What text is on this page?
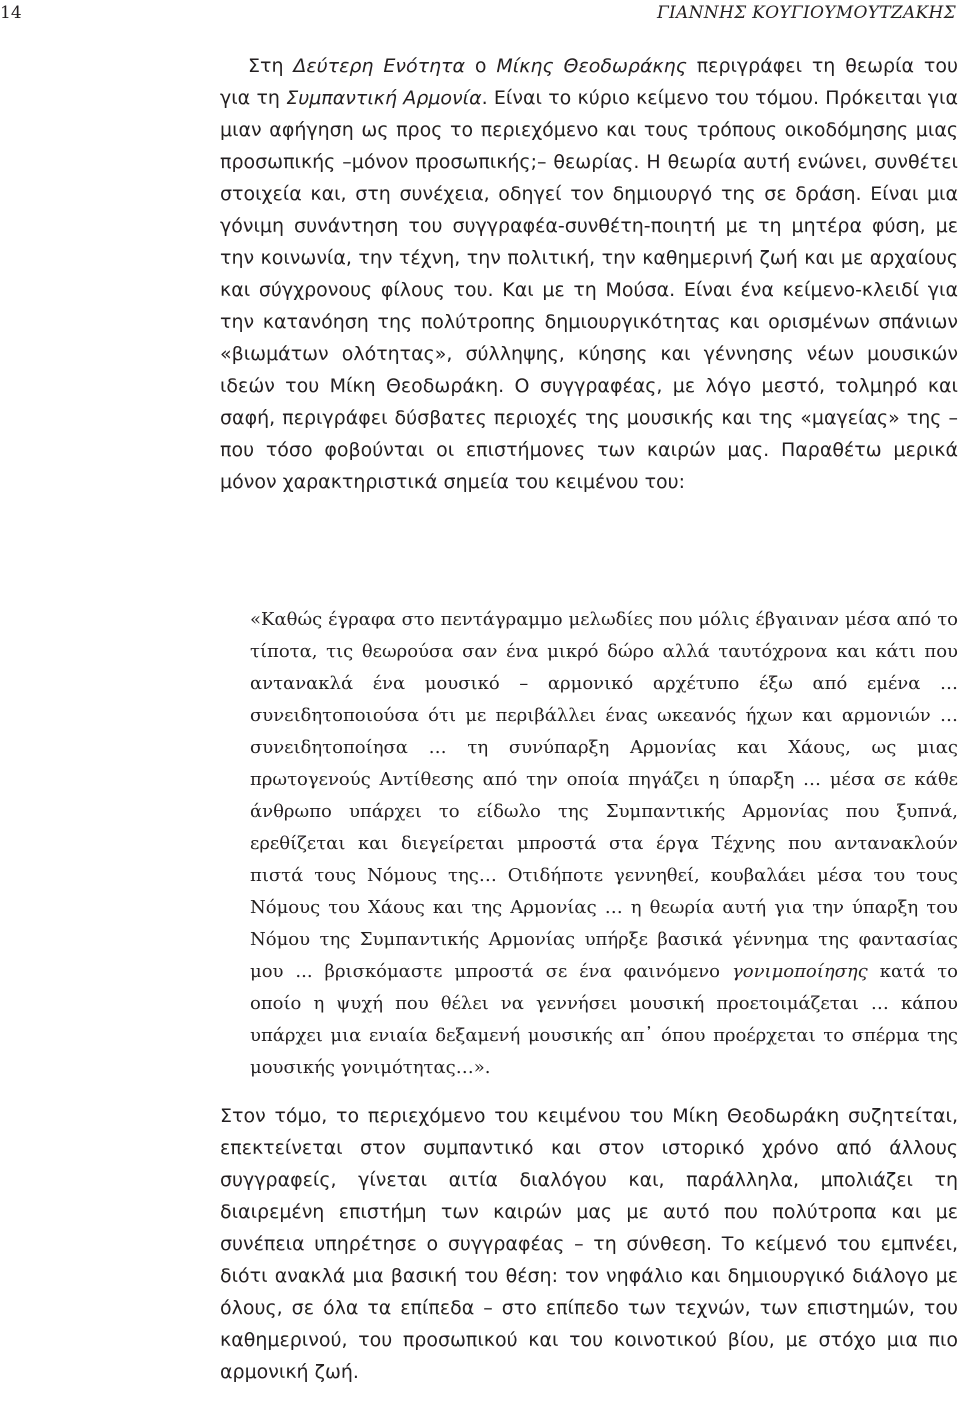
14	ΓΙΑΝΝΗΣ ΚΟΥΓΙΟΥΜΟΥΤΖΑΚΗΣ

Στη Δεύτερη Ενότητα ο Μίκης Θεοδωράκης περιγράφει τη θεωρία του για τη Συμπαντική Αρμονία. Είναι το κύριο κείμενο του τόμου. Πρόκειται για μιαν αφήγηση ως προς το περιεχόμενο και τους τρόπους οικοδόμησης μιας προσωπικής –μόνον προσωπικής;– θεωρίας. Η θεωρία αυτή ενώνει, συνθέτει στοιχεία και, στη συνέχεια, οδηγεί τον δημιουργό της σε δράση. Είναι μια γόνιμη συνάντηση του συγγραφέα-συνθέτη-ποιητή με τη μητέρα φύση, με την κοινωνία, την τέχνη, την πολιτική, την καθημερινή ζωή και με αρχαίους και σύγχρονους φίλους του. Και με τη Μούσα. Είναι ένα κείμενο-κλειδί για την κατανόηση της πολύτροπης δημιουργικότητας και ορισμένων σπάνιων «βιωμάτων ολότητας», σύλληψης, κύησης και γέννησης νέων μουσικών ιδεών του Μίκη Θεοδωράκη. Ο συγγραφέας, με λόγο μεστό, τολμηρό και σαφή, περιγράφει δύσβατες περιοχές της μουσικής και της «μαγείας» της – που τόσο φοβούνται οι επιστήμονες των καιρών μας. Παραθέτω μερικά μόνον χαρακτηριστικά σημεία του κειμένου του:

«Καθώς έγραφα στο πεντάγραμμο μελωδίες που μόλις έβγαιναν μέσα από το τίποτα, τις θεωρούσα σαν ένα μικρό δώρο αλλά ταυτόχρονα και κάτι που αντανακλά ένα μουσικό – αρμονικό αρχέτυπο έξω από εμένα … συνειδητοποιούσα ότι με περιβάλλει ένας ωκεανός ήχων και αρμονιών … συνειδητοποίησα … τη συνύπαρξη Αρμονίας και Χάους, ως μιας πρωτογενούς Αντίθεσης από την οποία πηγάζει η ύπαρξη … μέσα σε κάθε άνθρωπο υπάρχει το είδωλο της Συμπαντικής Αρμονίας που ξυπνά, ερεθίζεται και διεγείρεται μπροστά στα έργα Τέχνης που αντανακλούν πιστά τους Νόμους της… Οτιδήποτε γεννηθεί, κουβαλάει μέσα του τους Νόμους του Χάους και της Αρμονίας … η θεωρία αυτή για την ύπαρξη του Νόμου της Συμπαντικής Αρμονίας υπήρξε βασικά γέννημα της φαντασίας μου ... βρισκόμαστε μπροστά σε ένα φαινόμενο γονιμοποίησης κατά το οποίο η ψυχή που θέλει να γεννήσει μουσική προετοιμάζεται … κάπου υπάρχει μια ενιαία δεξαμενή μουσικής απ᾽ όπου προέρχεται το σπέρμα της μουσικής γονιμότητας…».

Στον τόμο, το περιεχόμενο του κειμένου του Μίκη Θεοδωράκη συζητείται, επεκτείνεται στον συμπαντικό και στον ιστορικό χρόνο από άλλους συγγραφείς, γίνεται αιτία διαλόγου και, παράλληλα, μπολιάζει τη διαιρεμένη επιστήμη των καιρών μας με αυτό που πολύτροπα και με συνέπεια υπηρέτησε ο συγγραφέας – τη σύνθεση. Το κείμενό του εμπνέει, διότι ανακλά μια βασική του θέση: τον νηφάλιο και δημιουργικό διάλογο με όλους, σε όλα τα επίπεδα – στο επίπεδο των τεχνών, των επιστημών, του καθημερινού, του προσωπικού και του κοινοτικού βίου, με στόχο μια πιο αρμονική ζωή.
